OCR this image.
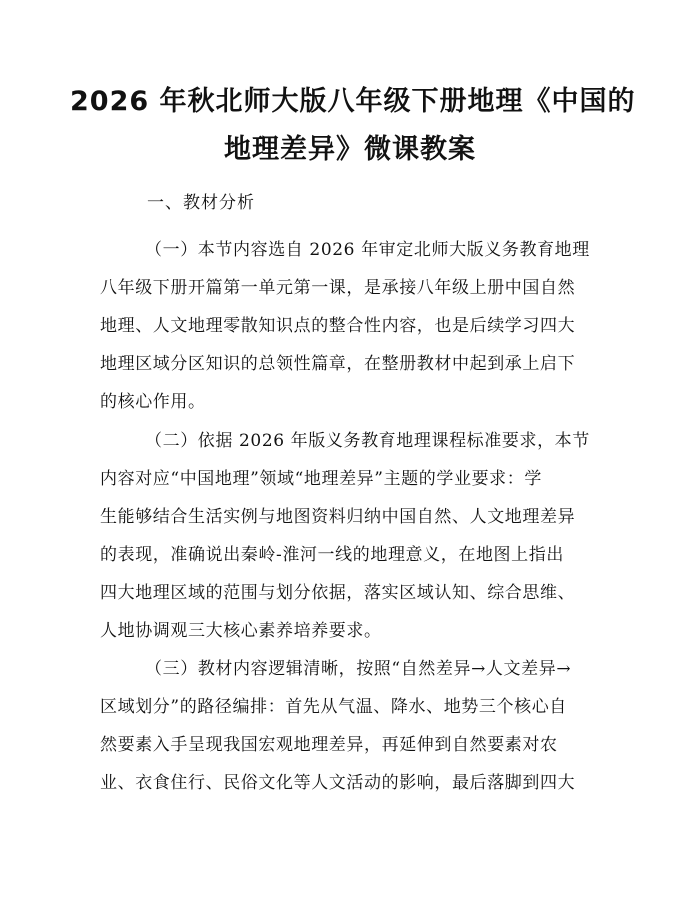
2026 年秋北师大版八年级下册地理《中国的
地理差异》微课教案
一、教材分析
（一）本节内容选自 2026 年审定北师大版义务教育地理
八年级下册开篇第一单元第一课，是承接八年级上册中国自然
地理、人文地理零散知识点的整合性内容，也是后续学习四大
地理区域分区知识的总领性篇章，在整册教材中起到承上启下
的核心作用。
（二）依据 2026 年版义务教育地理课程标准要求，本节
内容对应“中国地理”领域“地理差异”主题的学业要求：学
生能够结合生活实例与地图资料归纳中国自然、人文地理差异
的表现，准确说出秦岭-淮河一线的地理意义，在地图上指出
四大地理区域的范围与划分依据，落实区域认知、综合思维、
人地协调观三大核心素养培养要求。
（三）教材内容逻辑清晰，按照“自然差异→人文差异→
区域划分”的路径编排：首先从气温、降水、地势三个核心自
然要素入手呈现我国宏观地理差异，再延伸到自然要素对农
业、衣食住行、民俗文化等人文活动的影响，最后落脚到四大
